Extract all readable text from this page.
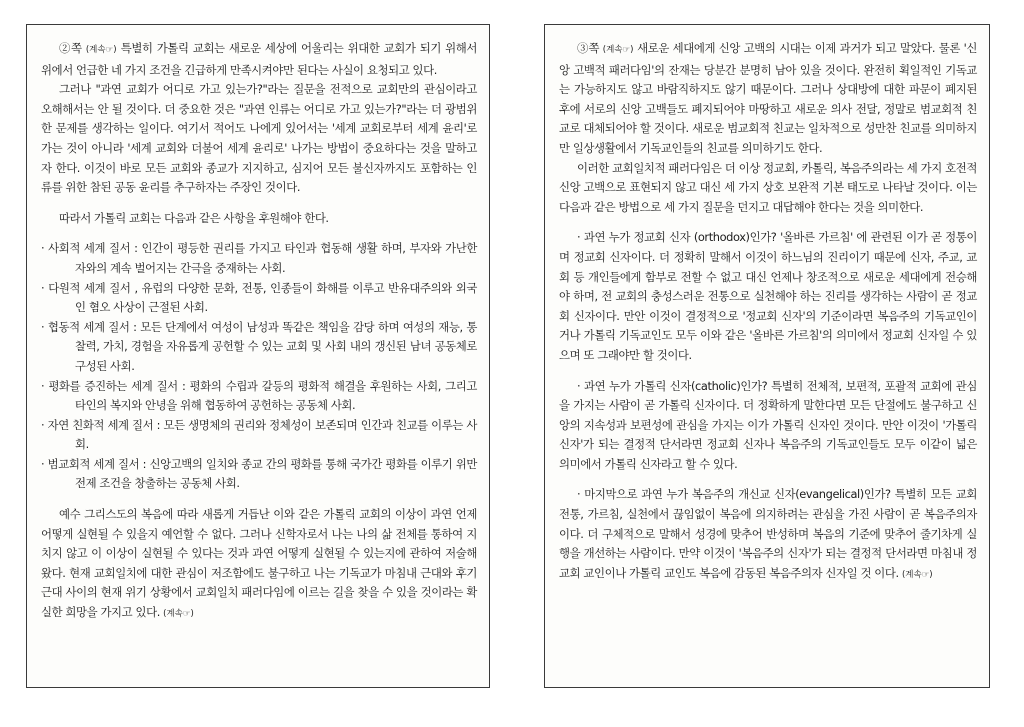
②쪽 (계속☞) 특별히 가톨릭 교회는 새로운 세상에 어울리는 위대한 교회가 되기 위해서 위에서 언급한 네 가지 조건을 긴급하게 만족시켜야만 된다는 사실이 요청되고 있다.

그러나 "과연 교회가 어디로 가고 있는가?"라는 질문을 전적으로 교회만의 관심이라고 오해해서는 안 될 것이다. 더 중요한 것은 "과연 인류는 어디로 가고 있는가?"라는 더 광범위한 문제를 생각하는 일이다. 여기서 적어도 나에게 있어서는 '세계 교회로부터 세계 윤리'로 가는 것이 아니라 '세계 교회와 더불어 세계 윤리로' 나가는 방법이 중요하다는 것을 말하고자 한다. 이것이 바로 모든 교회와 종교가 지지하고, 심지어 모든 불신자까지도 포함하는 인류를 위한 참된 공동 윤리를 추구하자는 주장인 것이다.

따라서 가톨릭 교회는 다음과 같은 사항을 후원해야 한다.

· 사회적 세계 질서 : 인간이 평등한 권리를 가지고 타인과 협동해 생활 하며, 부자와 가난한 자와의 계속 벌어지는 간극을 중재하는 사회.

· 다원적 세계 질서 , 유럽의 다양한 문화, 전통, 인종들이 화해를 이루고 반유대주의와 외국인 혐오 사상이 근절된 사회.

· 협동적 세계 질서 : 모든 단계에서 여성이 남성과 똑같은 책임을 감당 하며 여성의 재능, 통찰력, 가치, 경험을 자유롭게 공헌할 수 있는 교회 및 사회 내의 갱신된 남녀 공동체로 구성된 사회.

· 평화를 증진하는 세계 질서 : 평화의 수립과 갈등의 평화적 해결을 후원하는 사회, 그리고 타인의 복지와 안녕을 위해 협동하여 공헌하는 공동체 사회.

· 자연 친화적 세계 질서 : 모든 생명체의 권리와 정체성이 보존되며 인간과 친교를 이루는 사회.

· 범교회적 세계 질서 : 신앙고백의 일치와 종교 간의 평화를 통해 국가간 평화를 이루기 위만 전제 조건을 창출하는 공동체 사회.

예수 그리스도의 복음에 따라 새롭게 거듭난 이와 같은 가톨릭 교회의 이상이 과연 언제 어떻게 실현될 수 있을지 예언할 수 없다. 그러나 신학자로서 나는 나의 삶 전체를 통하여 지치지 않고 이 이상이 실현될 수 있다는 것과 과연 어떻게 실현될 수 있는지에 관하여 저술해 왔다. 현재 교회일치에 대한 관심이 저조함에도 불구하고 나는 기독교가 마침내 근대와 후기 근대 사이의 현재 위기 상황에서 교회일치 패러다임에 이르는 길을 찾을 수 있을 것이라는 확실한 희망을 가지고 있다. (계속☞)

③쪽 (계속☞) 새로운 세대에게 신앙 고백의 시대는 이제 과거가 되고 말았다. 물론 '신앙 고백적 패러다임'의 잔재는 당분간 분명히 남아 있을 것이다. 완전히 획일적인 기독교는 가능하지도 않고 바람직하지도 않기 때문이다. 그러나 상대방에 대한 파문이 폐지된 후에 서로의 신앙 고백들도 폐지되어야 마땅하고 새로운 의사 전달, 정말로 범교회적 친교로 대체되어야 할 것이다. 새로운 범교회적 친교는 일차적으로 성만찬 친교를 의미하지만 일상생활에서 기독교인들의 친교를 의미하기도 한다.

이러한 교회일치적 패러다임은 더 이상 정교회, 카톨릭, 복음주의라는 세 가지 호전적 신앙 고백으로 표현되지 않고 대신 세 가지 상호 보완적 기본 태도로 나타날 것이다. 이는 다음과 같은 방법으로 세 가지 질문을 던지고 대답해야 한다는 것을 의미한다.

· 과연 누가 정교회 신자 (orthodox)인가? '올바른 가르침' 에 관련된 이가 곧 정통이며 정교회 신자이다. 더 정확히 말해서 이것이 하느님의 진리이기 때문에 신자, 주교, 교회 등 개인들에게 함부로 전할 수 없고 대신 언제나 창조적으로 새로운 세대에게 전승해야 하며, 전 교회의 충성스러운 전통으로 실천해야 하는 진리를 생각하는 사람이 곧 정교회 신자이다. 만안 이것이 결정적으로 '정교회 신자'의 기준이라면 복음주의 기독교인이거나 가톨릭 기독교인도 모두 이와 같은 '올바른 가르침'의 의미에서 정교회 신자일 수 있으며 또 그래야만 할 것이다.

· 과연 누가 가톨릭 신자(catholic)인가? 특별히 전체적, 보편적, 포괄적 교회에 관심을 가지는 사람이 곧 가톨릭 신자이다. 더 정확하게 말한다면 모든 단절에도 불구하고 신앙의 지속성과 보편성에 관심을 가지는 이가 가톨릭 신자인 것이다. 만안 이것이 '가톨릭 신자'가 되는 결정적 단서라면 정교회 신자나 복음주의 기독교인들도 모두 이같이 넓은 의미에서 가톨릭 신자라고 할 수 있다.

· 마지막으로 과연 누가 복음주의 개신교 신자(evangelical)인가? 특별히 모든 교회 전통, 가르침, 실천에서 끊임없이 복음에 의지하려는 관심을 가진 사람이 곧 복음주의자이다. 더 구체적으로 말해서 성경에 맞추어 반성하며 복음의 기준에 맞추어 줄기차게 실행을 개선하는 사람이다. 만약 이것이 '복음주의 신자'가 되는 결정적 단서라면 마침내 정교회 교인이나 가톨릭 교인도 복음에 감동된 복음주의자 신자일 것 이다. (계속☞)
